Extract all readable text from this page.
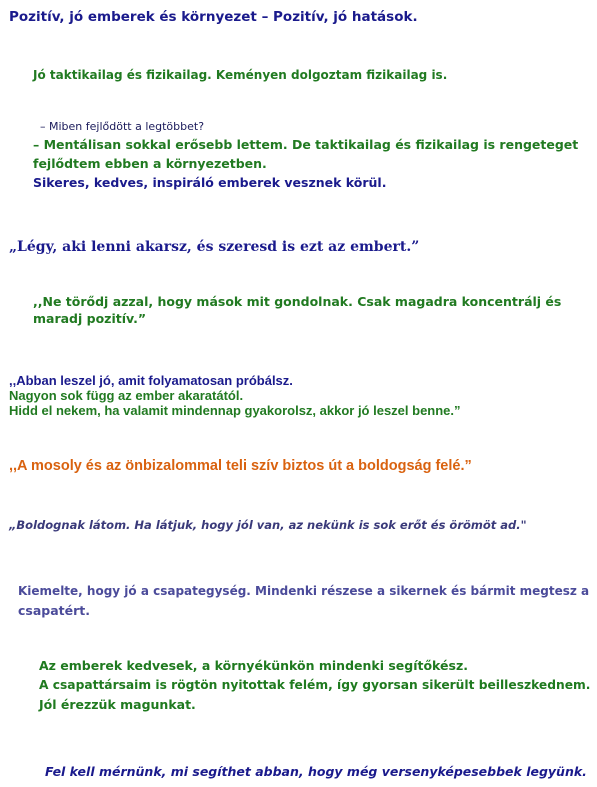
Pozitív, jó emberek és környezet – Pozitív, jó hatások.

Jó taktikailag és fizikailag. Keményen dolgoztam fizikailag is.

– Miben fejlődött a legtöbbet?

– Mentálisan sokkal erősebb lettem. De taktikailag és fizikailag is rengeteget

fejlődtem ebben a környezetben.

Sikeres, kedves, inspiráló emberek vesznek körül.

„Légy, aki lenni akarsz, és szeresd is ezt az embert.”

,,Ne törődj azzal, hogy mások mit gondolnak. Csak magadra koncentrálj és

maradj pozitív.”

,,Abban leszel jó, amit folyamatosan próbálsz.

Nagyon sok függ az ember akaratától.

Hidd el nekem, ha valamit mindennap gyakorolsz, akkor jó leszel benne.”

,,A mosoly és az önbizalommal teli szív biztos út a boldogság felé.”

„Boldognak látom. Ha látjuk, hogy jól van, az nekünk is sok erőt és örömöt ad."

Kiemelte, hogy jó a csapategység. Mindenki részese a sikernek és bármit megtesz a

csapatért.

Az emberek kedvesek, a környékünkön mindenki segítőkész.

A csapattársaim is rögtön nyitottak felém, így gyorsan sikerült beilleszkednem.

Jól érezzük magunkat.

Fel kell mérnünk, mi segíthet abban, hogy még versenyképesebbek legyünk.
